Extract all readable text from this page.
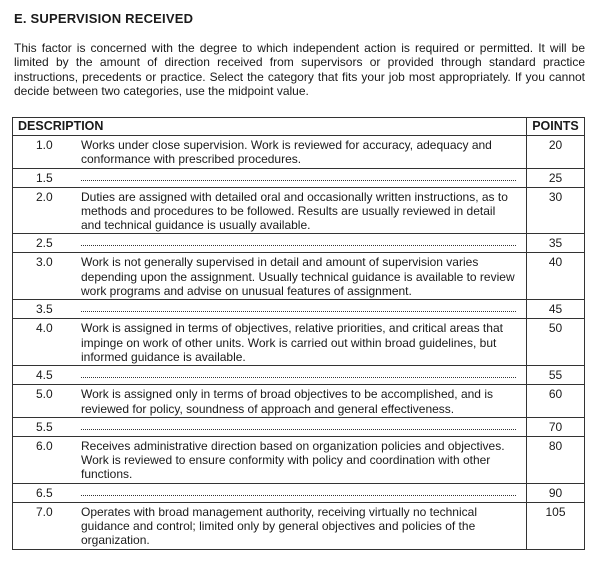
E. SUPERVISION RECEIVED

This factor is concerned with the degree to which independent action is required or permitted. It will be limited by the amount of direction received from supervisors or provided through standard practice instructions, precedents or practice. Select the category that fits your job most appropriately. If you cannot decide between two categories, use the midpoint value.

DESCRIPTION	POINTS

1.0 Works under close supervision. Work is reviewed for accuracy, adequacy and conformance with prescribed procedures.	20

1.5	25

2.0 Duties are assigned with detailed oral and occasionally written instructions, as to methods and procedures to be followed. Results are usually reviewed in detail and technical guidance is usually available.	30

2.5	35

3.0 Work is not generally supervised in detail and amount of supervision varies depending upon the assignment. Usually technical guidance is available to review work programs and advise on unusual features of assignment.	40

3.5	45

4.0 Work is assigned in terms of objectives, relative priorities, and critical areas that impinge on work of other units. Work is carried out within broad guidelines, but informed guidance is available.	50

4.5	55

5.0 Work is assigned only in terms of broad objectives to be accomplished, and is reviewed for policy, soundness of approach and general effectiveness.	60

5.5	70

6.0 Receives administrative direction based on organization policies and objectives. Work is reviewed to ensure conformity with policy and coordination with other functions.	80

6.5	90

7.0 Operates with broad management authority, receiving virtually no technical guidance and control; limited only by general objectives and policies of the organization.	105
